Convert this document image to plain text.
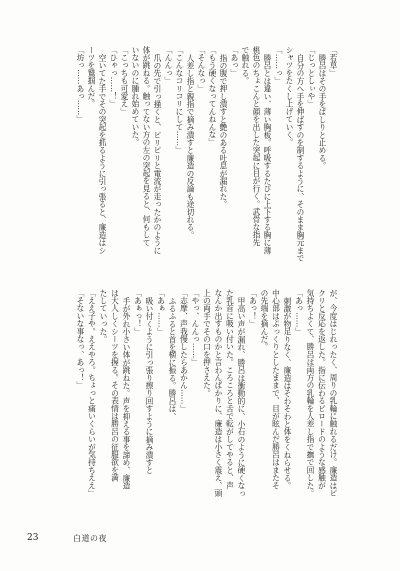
「若草」
勝呂はその手をぱしりと止める。
「じっとしぃや」
自分の方へ手を伸ばすのを制するように、そのまま胸元まで
シャツをたくし上げていく。
「……っ」
勝呂とは違い、薄い胸板。呼吸するたびに上下する胸に薄
桃色のちょこんと顔を出した突起に目が行く。武骨な指先
で触れる。
「あっ」
指の腹で押し潰すと艶のある吐息が漏れた。
「もう硬くなってんねんな」
「そんなっ」
人差し指と親指で摘み潰すと廉造の反論も途切れる。
「こんなコリコリにして……」
「んんっ」
爪の先で引っ掻くと、ピリピリと電流が走ったかのように
体が跳ねる。触ってない方の左の突起を見ると、何もして
いないのに腫れ始めていた。
「こっちも可愛え」
「ひゃっ……！」
空いてた手でその突起を抓るように引っ張ると、廉造はシ
ーツを鷲掴んだ。
「坊っ……あっ……」
が、今度はじれったく、周りの乳輪に触れるだけ。廉造はピ
クリと反応を返した。指に伝わるビロードのような感触が
気持ちよくて、勝呂は両方の乳輪を人差し指で撫で回した。
「あっ……」
刺激が物足りなく、廉造はそわそわと体をくねらせる。
中心部はぷっくりとしたままで、目が眩んだ勝呂はまたそ
の先端を摘んだ。
「あっ！」
甲高い声が漏れ、勝呂は衝動的に、小石のように硬くなっ
た乳首に吸い付いた。ころころと舌で転がしてやると、声
なんか出すものかと言わんばかりに、廉造は小さく震え、頭
上の両手でその口を押さえた。
「やっ、んんっ……」
「志摩、声我慢したらあかん……」
ふるふると首を横に振る。勝呂は、
「あぁ……」
吸い付くように引っ張り擦り回すように摘み潰すと
「あぁっ！」
手が外れ小さい体が跳ねた。声を抑える事を諦め、廉造
は大人しくシーツを握る。その表情は勝呂の征服欲を満
たしていった。
「ええ子や。ええやろ。ちょっと痛いくらいが気持ちええ」
「そないな事なっ、あっ！」
23	白道の夜
